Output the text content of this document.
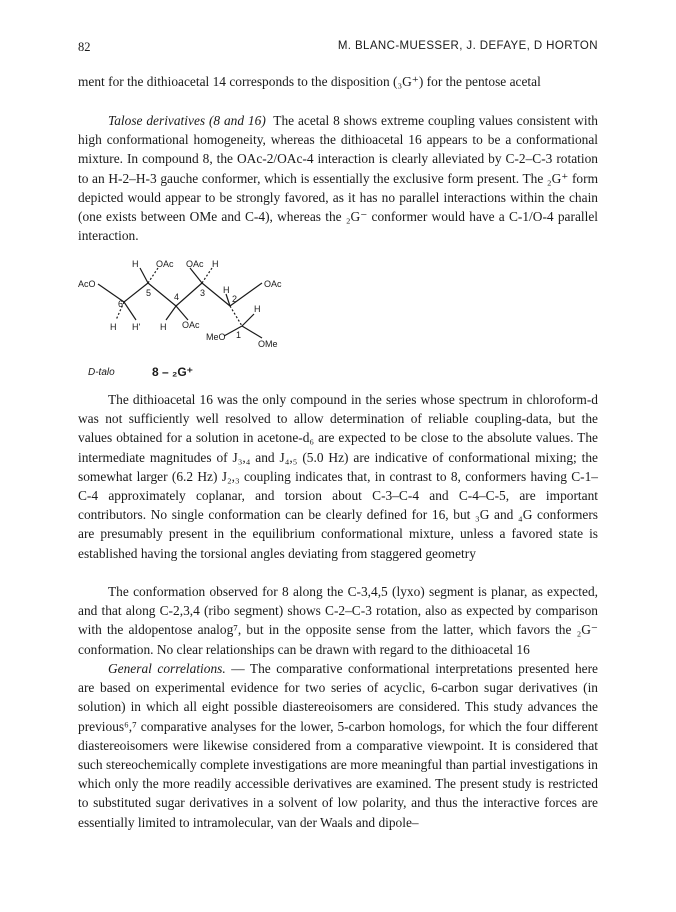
82	M. BLANC-MUESSER, J. DEFAYE, D HORTON

ment for the dithioacetal 14 corresponds to the disposition (₃G⁺) for the pentose acetal

Talose derivatives (8 and 16) The acetal 8 shows extreme coupling values consistent with high conformational homogeneity, whereas the dithioacetal 16 appears to be a conformational mixture. In compound 8, the OAc-2/OAc-4 interaction is clearly alleviated by C-2–C-3 rotation to an H-2–H-3 gauche conformer, which is essentially the exclusive form present. The ₂G⁺ form depicted would appear to be strongly favored, as it has no parallel interactions within the chain (one exists between OMe and C-4), whereas the ₂G⁻ conformer would have a C-1/O-4 parallel interaction.

AcO	OAc
H OAc OAc H
6
5	4 3
2
1
H
H H' H OAc
H
MeO
OMe
D-talo	8 – ₂G⁺

The dithioacetal 16 was the only compound in the series whose spectrum in chloroform-d was not sufficiently well resolved to allow determination of reliable coupling-data, but the values obtained for a solution in acetone-d₆ are expected to be close to the absolute values. The intermediate magnitudes of J₃,₄ and J₄,₅ (5.0 Hz) are indicative of conformational mixing; the somewhat larger (6.2 Hz) J₂,₃ coupling indicates that, in contrast to 8, conformers having C-1–C-4 approximately coplanar, and torsion about C-3–C-4 and C-4–C-5, are important contributors. No single conformation can be clearly defined for 16, but ₃G and ₄G conformers are presumably present in the equilibrium conformational mixture, unless a favored state is established having the torsional angles deviating from staggered geometry

The conformation observed for 8 along the C-3,4,5 (lyxo) segment is planar, as expected, and that along C-2,3,4 (ribo segment) shows C-2–C-3 rotation, also as expected by comparison with the aldopentose analog⁷, but in the opposite sense from the latter, which favors the ₂G⁻ conformation. No clear relationships can be drawn with regard to the dithioacetal 16

General correlations. — The comparative conformational interpretations presented here are based on experimental evidence for two series of acyclic, 6-carbon sugar derivatives (in solution) in which all eight possible diastereoisomers are considered. This study advances the previous⁶,⁷ comparative analyses for the lower, 5-carbon homologs, for which the four different diastereoisomers were likewise considered from a comparative viewpoint. It is considered that such stereochemically complete investigations are more meaningful than partial investigations in which only the more readily accessible derivatives are examined. The present study is restricted to substituted sugar derivatives in a solvent of low polarity, and thus the interactive forces are essentially limited to intramolecular, van der Waals and dipole–
